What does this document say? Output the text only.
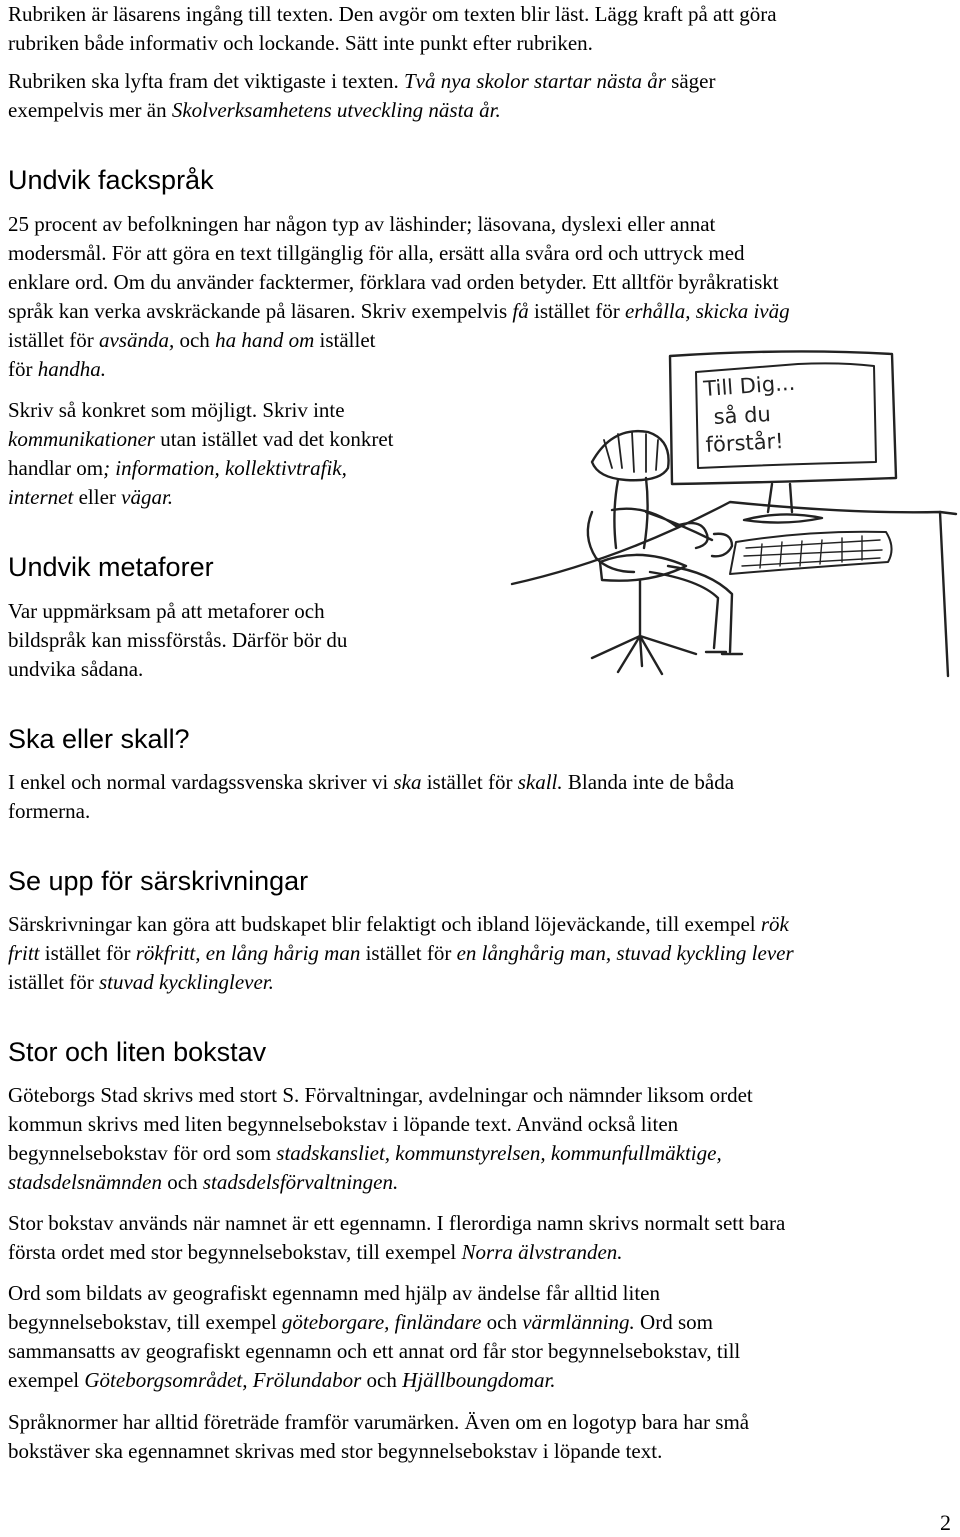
Rubriken är läsarens ingång till texten. Den avgör om texten blir läst. Lägg kraft på att göra
rubriken både informativ och lockande. Sätt inte punkt efter rubriken.

Rubriken ska lyfta fram det viktigaste i texten. Två nya skolor startar nästa år säger
exempelvis mer än Skolverksamhetens utveckling nästa år.

Undvik fackspråk

25 procent av befolkningen har någon typ av läshinder; läsovana, dyslexi eller annat
modersmål. För att göra en text tillgänglig för alla, ersätt alla svåra ord och uttryck med
enklare ord. Om du använder facktermer, förklara vad orden betyder. Ett alltför byråkratiskt
språk kan verka avskräckande på läsaren. Skriv exempelvis få istället för erhålla, skicka iväg
istället för avsända, och ha hand om istället
för handha.

Skriv så konkret som möjligt. Skriv inte
kommunikationer utan istället vad det konkret
handlar om; information, kollektivtrafik,
internet eller vägar.

Undvik metaforer

Var uppmärksam på att metaforer och
bildspråk kan missförstås. Därför bör du
undvika sådana.

Ska eller skall?

I enkel och normal vardagssvenska skriver vi ska istället för skall. Blanda inte de båda
formerna.

Se upp för särskrivningar

Särskrivningar kan göra att budskapet blir felaktigt och ibland löjeväckande, till exempel rök
fritt istället för rökfritt, en lång hårig man istället för en långhårig man, stuvad kyckling lever
istället för stuvad kycklinglever.

Stor och liten bokstav

Göteborgs Stad skrivs med stort S. Förvaltningar, avdelningar och nämnder liksom ordet
kommun skrivs med liten begynnelsebokstav i löpande text. Använd också liten
begynnelsebokstav för ord som stadskansliet, kommunstyrelsen, kommunfullmäktige,
stadsdelsnämnden och stadsdelsförvaltningen.

Stor bokstav används när namnet är ett egennamn. I flerordiga namn skrivs normalt sett bara
första ordet med stor begynnelsebokstav, till exempel Norra älvstranden.

Ord som bildats av geografiskt egennamn med hjälp av ändelse får alltid liten
begynnelsebokstav, till exempel göteborgare, finländare och värmlänning. Ord som
sammansatts av geografiskt egennamn och ett annat ord får stor begynnelsebokstav, till
exempel Göteborgsområdet, Frölundabor och Hjällboungdomar.

Språknormer har alltid företräde framför varumärken. Även om en logotyp bara har små
bokstäver ska egennamnet skrivas med stor begynnelsebokstav i löpande text.

Till Dig...
så du
förstår!
2
